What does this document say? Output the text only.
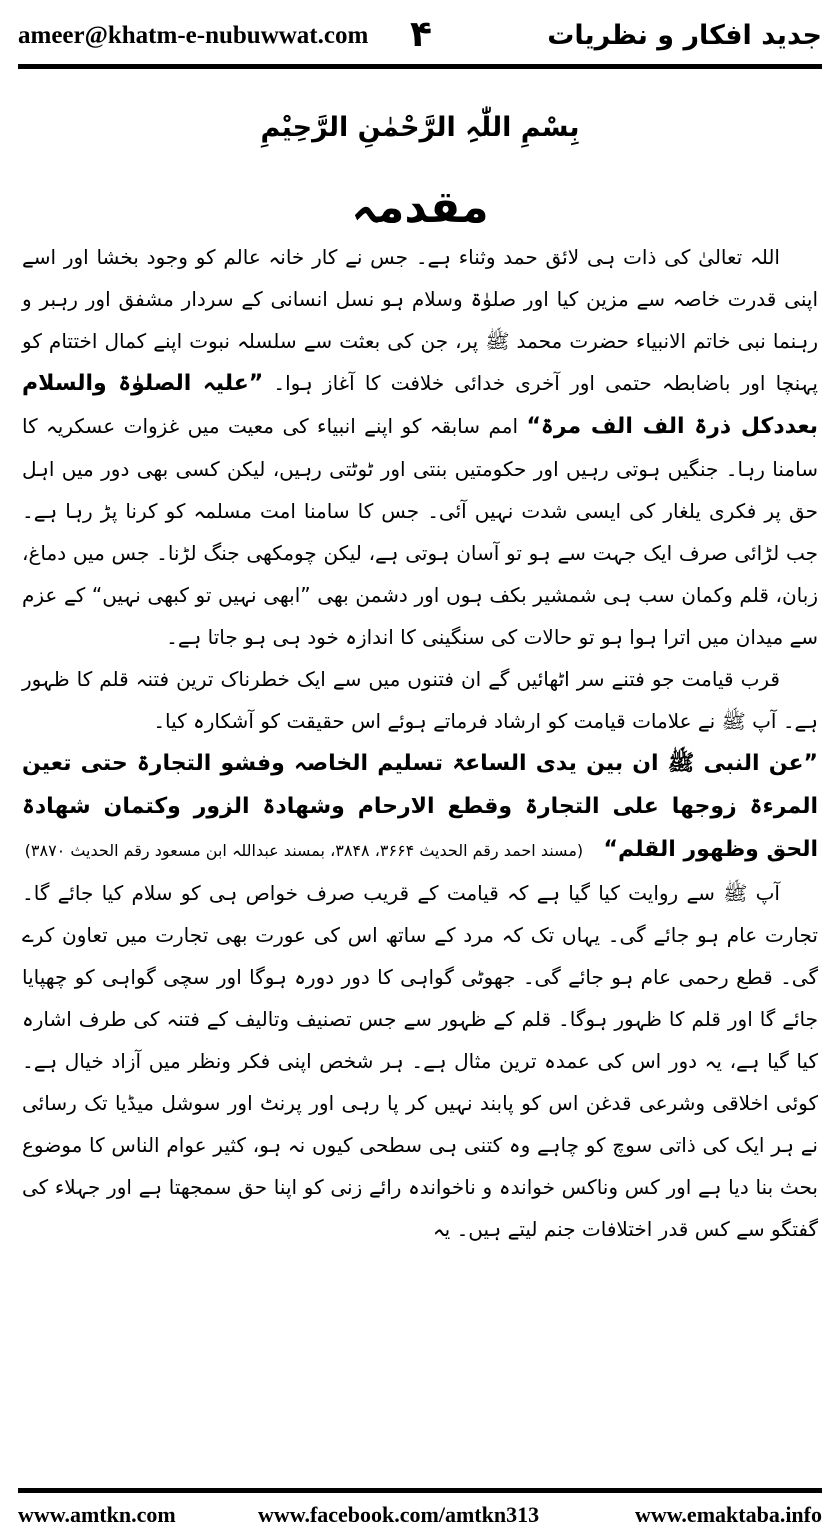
ameer@khatm-e-nubuwwat.com ۴	جدید افکار و نظریات
بِسْمِ اللّٰہِ الرَّحْمٰنِ الرَّحِیْمِ
مقدمہ

اللہ تعالیٰ کی ذات ہی لائق حمد وثناء ہے۔ جس نے کار خانہ عالم کو وجود بخشا اور اسے اپنی قدرت خاصہ سے مزین کیا اور صلوٰۃ وسلام ہو نسل انسانی کے سردار مشفق اور رہبر و رہنما نبی خاتم الانبیاء حضرت محمد ﷺ پر، جن کی بعثت سے سلسلہ نبوت اپنے کمال اختتام کو پہنچا اور باضابطہ حتمی اور آخری خدائی خلافت کا آغاز ہوا۔ ”علیہ الصلوٰۃ والسلام بعددکل ذرۃ الف الف مرۃ“ امم سابقہ کو اپنے انبیاء کی معیت میں غزوات عسکریہ کا سامنا رہا۔ جنگیں ہوتی رہیں اور حکومتیں بنتی اور ٹوٹتی رہیں، لیکن کسی بھی دور میں اہل حق پر فکری یلغار کی ایسی شدت نہیں آئی۔ جس کا سامنا امت مسلمہ کو کرنا پڑ رہا ہے۔ جب لڑائی صرف ایک جہت سے ہو تو آسان ہوتی ہے، لیکن چومکھی جنگ لڑنا۔ جس میں دماغ، زبان، قلم وکمان سب ہی شمشیر بکف ہوں اور دشمن بھی ”ابھی نہیں تو کبھی نہیں“ کے عزم سے میدان میں اترا ہوا ہو تو حالات کی سنگینی کا اندازہ خود ہی ہو جاتا ہے۔

قرب قیامت جو فتنے سر اٹھائیں گے ان فتنوں میں سے ایک خطرناک ترین فتنہ قلم کا ظہور ہے۔ آپ ﷺ نے علامات قیامت کو ارشاد فرماتے ہوئے اس حقیقت کو آشکارہ کیا۔

”عن النبی ﷺ ان بین یدی الساعۃ تسلیم الخاصہ وفشو التجارۃ حتی تعین المرءۃ زوجھا علی التجارۃ وقطع الارحام وشھادۃ الزور وکتمان شھادۃ الحق وظھور القلم“ (مسند احمد رقم الحدیث ۳۶۶۴، ۳۸۴۸، بمسند عبداللہ ابن مسعود رقم الحدیث ۳۸۷۰)

آپ ﷺ سے روایت کیا گیا ہے کہ قیامت کے قریب صرف خواص ہی کو سلام کیا جائے گا۔ تجارت عام ہو جائے گی۔ یہاں تک کہ مرد کے ساتھ اس کی عورت بھی تجارت میں تعاون کرے گی۔ قطع رحمی عام ہو جائے گی۔ جھوٹی گواہی کا دور دورہ ہوگا اور سچی گواہی کو چھپایا جائے گا اور قلم کا ظہور ہوگا۔ قلم کے ظہور سے جس تصنیف وتالیف کے فتنہ کی طرف اشارہ کیا گیا ہے، یہ دور اس کی عمدہ ترین مثال ہے۔ ہر شخص اپنی فکر ونظر میں آزاد خیال ہے۔ کوئی اخلاقی وشرعی قدغن اس کو پابند نہیں کر پا رہی اور پرنٹ اور سوشل میڈیا تک رسائی نے ہر ایک کی ذاتی سوچ کو چاہے وہ کتنی ہی سطحی کیوں نہ ہو، کثیر عوام الناس کا موضوع بحث بنا دیا ہے اور کس وناکس خواندہ و ناخواندہ رائے زنی کو اپنا حق سمجھتا ہے اور جہلاء کی گفتگو سے کس قدر اختلافات جنم لیتے ہیں۔ یہ

www.amtkn.com	www.facebook.com/amtkn313	www.emaktaba.info
